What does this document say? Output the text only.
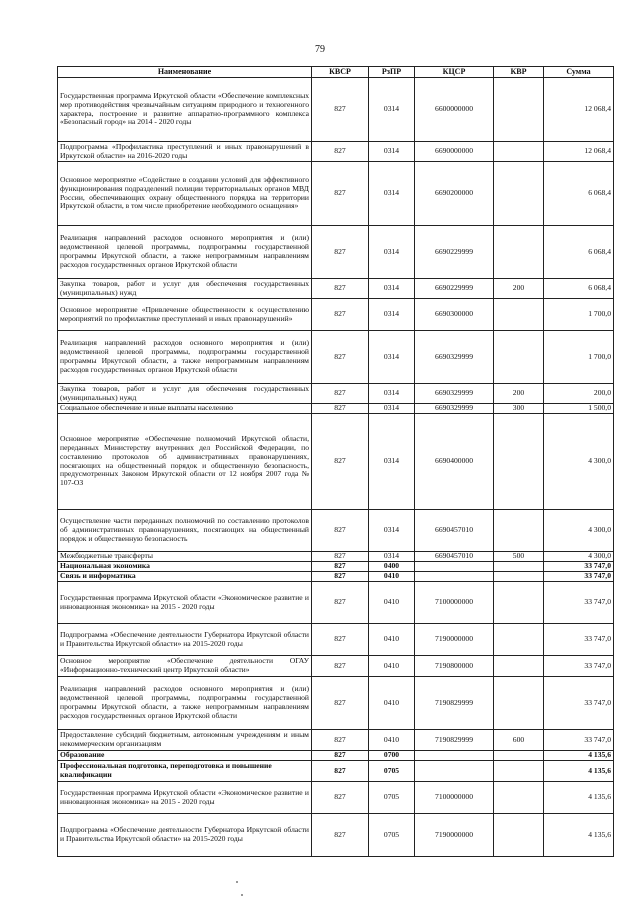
79
Наименование	КВСР	РзПР	КЦСР	КВР	Сумма
Государственная программа Иркутской области «Обеспечение комплексных мер противодействия чрезвычайным ситуациям природного и техногенного характера, построение и развитие аппаратно-программного комплекса «Безопасный город» на 2014 - 2020 годы	827	0314	6600000000		12 068,4
Подпрограмма «Профилактика преступлений и иных правонарушений в Иркутской области» на 2016-2020 годы	827	0314	6690000000		12 068,4
Основное мероприятие «Содействие в создании условий для эффективного функционирования подразделений полиции территориальных органов МВД России, обеспечивающих охрану общественного порядка на территории Иркутской области, в том числе приобретение необходимого оснащения»	827	0314	6690200000		6 068,4
Реализация направлений расходов основного мероприятия и (или) ведомственной целевой программы, подпрограммы государственной программы Иркутской области, а также непрограммным направлениям расходов государственных органов Иркутской области	827	0314	6690229999		6 068,4
Закупка товаров, работ и услуг для обеспечения государственных (муниципальных) нужд	827	0314	6690229999	200	6 068,4
Основное мероприятие «Привлечение общественности к осуществлению мероприятий по профилактике преступлений и иных правонарушений»	827	0314	6690300000		1 700,0
Реализация направлений расходов основного мероприятия и (или) ведомственной целевой программы, подпрограммы государственной программы Иркутской области, а также непрограммным направлениям расходов государственных органов Иркутской области	827	0314	6690329999		1 700,0
Закупка товаров, работ и услуг для обеспечения государственных (муниципальных) нужд	827	0314	6690329999	200	200,0
Социальное обеспечение и иные выплаты населению	827	0314	6690329999	300	1 500,0
Основное мероприятие «Обеспечение полномочий Иркутской области, переданных Министерству внутренних дел Российской Федерации, по составлению протоколов об административных правонарушениях, посягающих на общественный порядок и общественную безопасность, предусмотренных Законом Иркутской области от 12 ноября 2007 года № 107-ОЗ	827	0314	6690400000		4 300,0
Осуществление части переданных полномочий по составлению протоколов об административных правонарушениях, посягающих на общественный порядок и общественную безопасность	827	0314	6690457010		4 300,0
Межбюджетные трансферты	827	0314	6690457010	500	4 300,0
Национальная экономика	827	0400			33 747,0
Связь и информатика	827	0410			33 747,0
Государственная программа Иркутской области «Экономическое развитие и инновационная экономика» на 2015 - 2020 годы	827	0410	7100000000		33 747,0
Подпрограмма «Обеспечение деятельности Губернатора Иркутской области и Правительства Иркутской области» на 2015-2020 годы	827	0410	7190000000		33 747,0
Основное мероприятие «Обеспечение деятельности ОГАУ «Информационно-технический центр Иркутской области»	827	0410	7190800000		33 747,0
Реализация направлений расходов основного мероприятия и (или) ведомственной целевой программы, подпрограммы государственной программы Иркутской области, а также непрограммным направлениям расходов государственных органов Иркутской области	827	0410	7190829999		33 747,0
Предоставление субсидий бюджетным, автономным учреждениям и иным некоммерческим организациям	827	0410	7190829999	600	33 747,0
Образование	827	0700			4 135,6
Профессиональная подготовка, переподготовка и повышение квалификации	827	0705			4 135,6
Государственная программа Иркутской области «Экономическое развитие и инновационная экономика» на 2015 - 2020 годы	827	0705	7100000000		4 135,6
Подпрограмма «Обеспечение деятельности Губернатора Иркутской области и Правительства Иркутской области» на 2015-2020 годы	827	0705	7190000000		4 135,6
